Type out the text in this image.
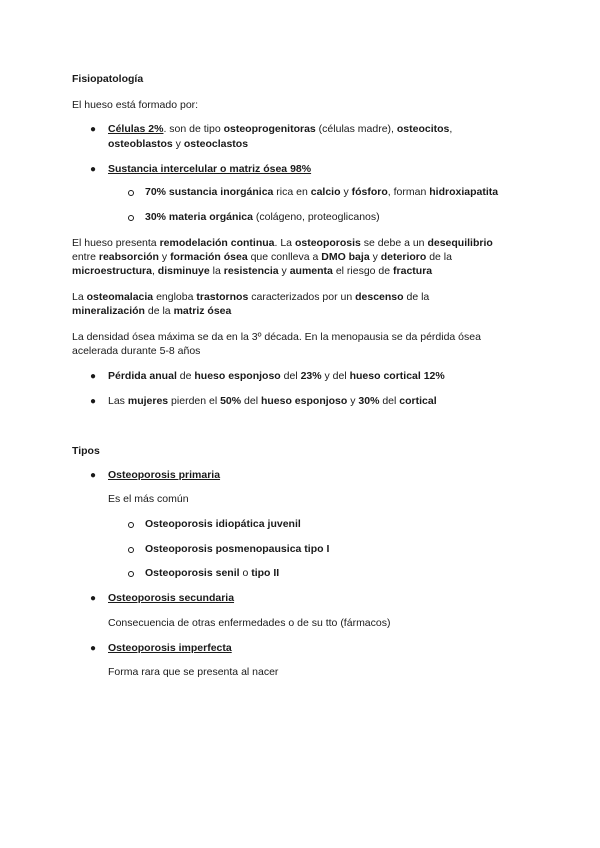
Fisiopatología
El hueso está formado por:
● Células 2%. son de tipo osteoprogenitoras (células madre), osteocitos,
osteoblastos y osteoclastos
● Sustancia intercelular o matriz ósea 98%
70% sustancia inorgánica rica en calcio y fósforo, forman hidroxiapatita
30% materia orgánica (colágeno, proteoglicanos)
El hueso presenta remodelación continua. La osteoporosis se debe a un desequilibrio
entre reabsorción y formación ósea que conlleva a DMO baja y deterioro de la
microestructura, disminuye la resistencia y aumenta el riesgo de fractura
La osteomalacia engloba trastornos caracterizados por un descenso de la
mineralización de la matriz ósea
La densidad ósea máxima se da en la 3º década. En la menopausia se da pérdida ósea
acelerada durante 5-8 años
● Pérdida anual de hueso esponjoso del 23% y del hueso cortical 12%
● Las mujeres pierden el 50% del hueso esponjoso y 30% del cortical
Tipos
● Osteoporosis primaria
Es el más común
Osteoporosis idiopática juvenil
Osteoporosis posmenopausica tipo I
Osteoporosis senil o tipo II
● Osteoporosis secundaria
Consecuencia de otras enfermedades o de su tto (fármacos)
● Osteoporosis imperfecta
Forma rara que se presenta al nacer
